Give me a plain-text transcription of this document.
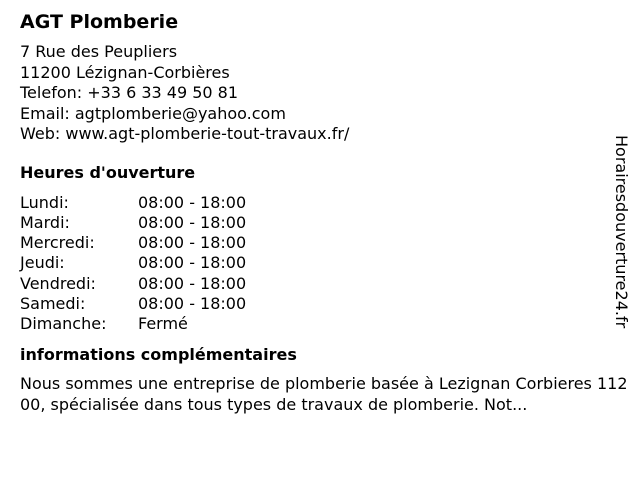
AGT Plomberie
7 Rue des Peupliers
11200 Lézignan-Corbières
Telefon: +33 6 33 49 50 81
Email: agtplomberie@yahoo.com
Web: www.agt-plomberie-tout-travaux.fr/
Heures d'ouverture
Lundi:	08:00 - 18:00
Mardi:	08:00 - 18:00
Mercredi:	08:00 - 18:00
Jeudi:	08:00 - 18:00
Vendredi:	08:00 - 18:00
Samedi:	08:00 - 18:00
Dimanche:	Fermé
informations complémentaires
Nous sommes une entreprise de plomberie basée à Lezignan Corbieres 11200, spécialisée dans tous types de travaux de plomberie. Not...
Horairesdouverture24.fr
